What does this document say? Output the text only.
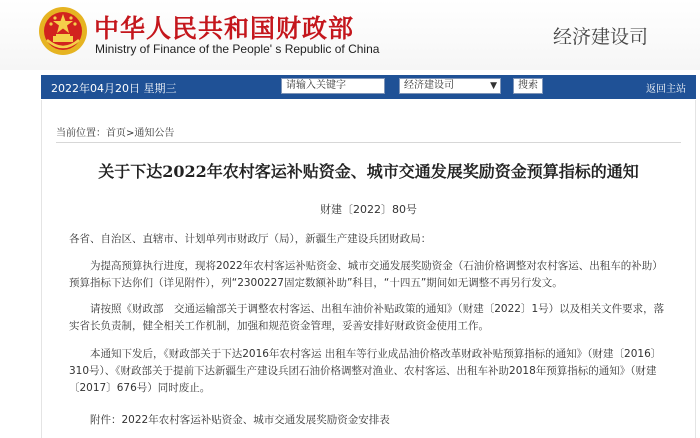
中华人民共和国财政部
Ministry of Finance of the People' s Republic of China
经济建设司
2022年04月20日 星期三	请输入关键字	经济建设司	▼	搜索	返回主站
当前位置：首页>通知公告
关于下达2022年农村客运补贴资金、城市交通发展奖励资金预算指标的通知
财建〔2022〕80号
各省、自治区、直辖市、计划单列市财政厅（局），新疆生产建设兵团财政局：
为提高预算执行进度，现将2022年农村客运补贴资金、城市交通发展奖励资金（石油价格调整对农村客运、出租车的补助）预算指标下达你们（详见附件），列“2300227固定数额补助”科目，“十四五”期间如无调整不再另行发文。
请按照《财政部　交通运输部关于调整农村客运、出租车油价补贴政策的通知》（财建〔2022〕1号）以及相关文件要求，落实省长负责制，健全相关工作机制，加强和规范资金管理，妥善安排好财政资金使用工作。
本通知下发后，《财政部关于下达2016年农村客运 出租车等行业成品油价格改革财政补贴预算指标的通知》（财建〔2016〕310号）、《财政部关于提前下达新疆生产建设兵团石油价格调整对渔业、农村客运、出租车补助2018年预算指标的通知》（财建〔2017〕676号）同时废止。
附件：2022年农村客运补贴资金、城市交通发展奖励资金安排表
